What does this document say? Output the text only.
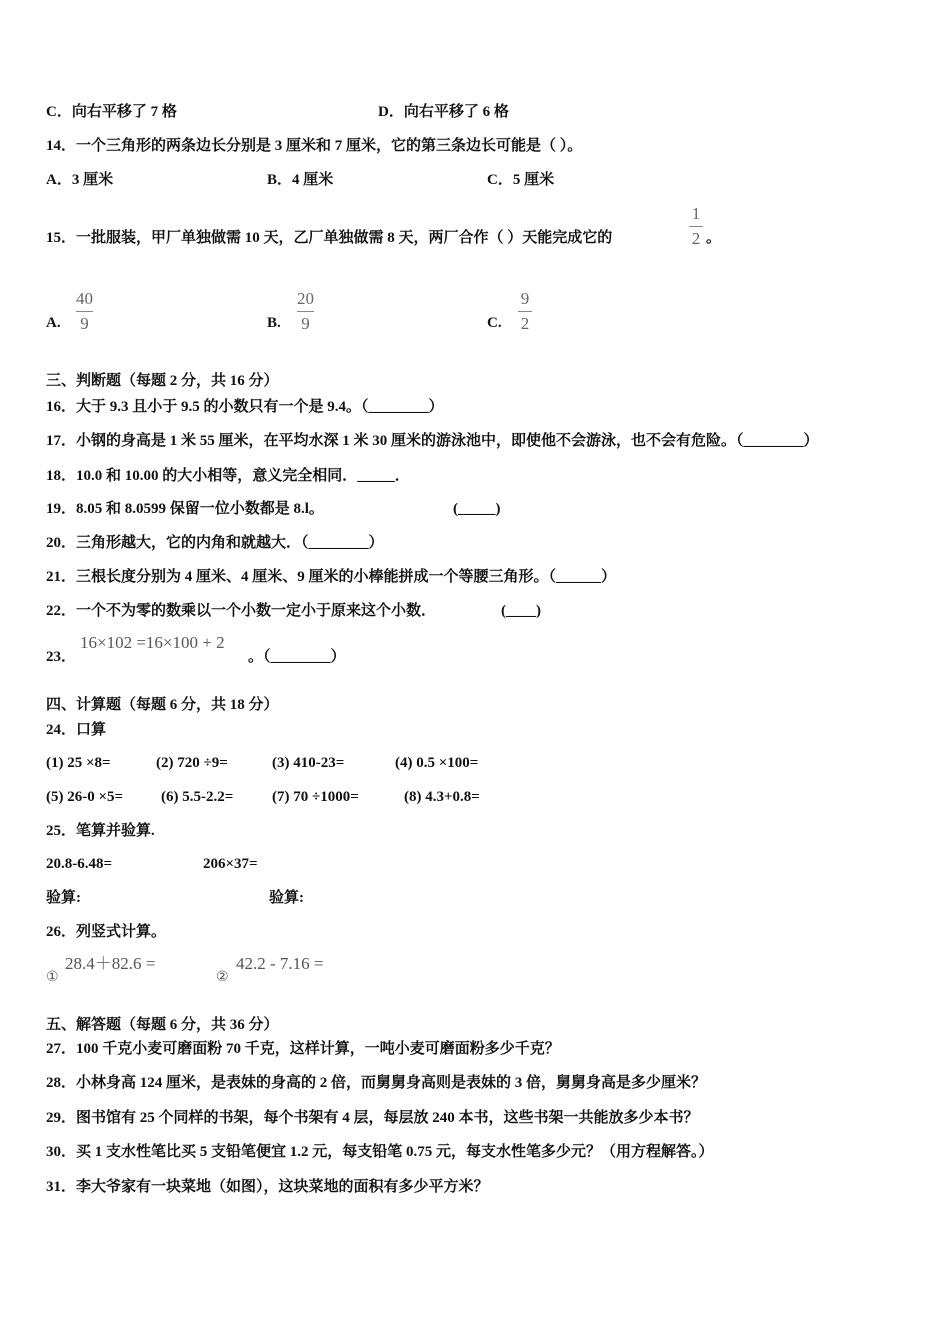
C．向右平移了 7 格	D．向右平移了 6 格
14．一个三角形的两条边长分别是 3 厘米和 7 厘米，它的第三条边长可能是（ ）。
A．3 厘米	B．4 厘米	C．5 厘米
15．一批服装，甲厂单独做需 10 天，乙厂单独做需 8 天，两厂合作（ ）天能完成它的
1
2 。
A.
40
9	B.
20
9	C.
9
2
三、判断题（每题 2 分，共 16 分）
16．大于 9.3 且小于 9.5 的小数只有一个是 9.4。（________）
17．小钢的身高是 1 米 55 厘米，在平均水深 1 米 30 厘米的游泳池中，即使他不会游泳，也不会有危险。（________）
18．10.0 和 10.00 的大小相等，意义完全相同．_____．
19．8.05 和 8.0599 保留一位小数都是 8.l。	(_____)
20．三角形越大，它的内角和就越大．（________）
21．三根长度分别为 4 厘米、4 厘米、9 厘米的小棒能拼成一个等腰三角形。（______）
22．一个不为零的数乘以一个小数一定小于原来这个小数．	(____)
23．
16×102 =16×100 + 2
。（________）
四、计算题（每题 6 分，共 18 分）
24．口算
(1) 25 ×8=	(2) 720 ÷9=	(3) 410-23=	(4) 0.5 ×100=
(5) 26-0 ×5=	(6) 5.5-2.2=	(7) 70 ÷1000=	(8) 4.3+0.8=
25．笔算并验算.
20.8-6.48=	206×37=
验算:	验算:
26．列竖式计算。
①
28.4＋82.6 =
②
42.2 - 7.16 =
五、解答题（每题 6 分，共 36 分）
27．100 千克小麦可磨面粉 70 千克，这样计算，一吨小麦可磨面粉多少千克？
28．小林身高 124 厘米，是表妹的身高的 2 倍，而舅舅身高则是表妹的 3 倍，舅舅身高是多少厘米？
29．图书馆有 25 个同样的书架，每个书架有 4 层，每层放 240 本书，这些书架一共能放多少本书？
30．买 1 支水性笔比买 5 支铅笔便宜 1.2 元，每支铅笔 0.75 元，每支水性笔多少元？（用方程解答。）
31．李大爷家有一块菜地（如图），这块菜地的面积有多少平方米？
